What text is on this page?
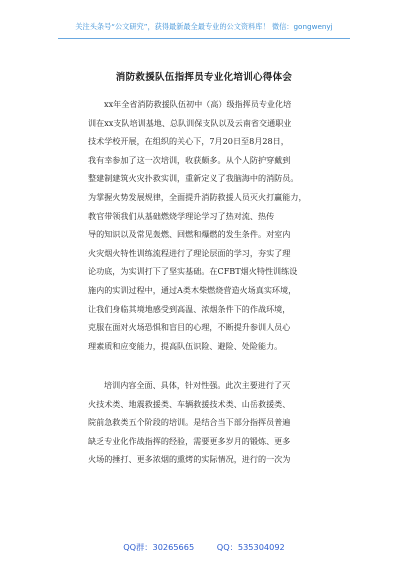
关注头条号“公文研究”，获得最新最全最专业的公文资料库！ 微信：gongwenyj
消防救援队伍指挥员专业化培训心得体会

xx年全省消防救援队伍初中（高）级指挥员专业化培
训在xx支队培训基地、总队训保支队以及云南省交通职业
技术学校开展，在组织的关心下，7月20日至8月28日，
我有幸参加了这一次培训，收获颇多。从个人防护穿戴到
整建制建筑火灾扑救实训，重新定义了我脑海中的消防员。
为掌握火势发展规律，全面提升消防救援人员灭火打赢能力，
教官带领我们从基础燃烧学理论学习了热对流、热传
导的知识以及常见轰燃、回燃和爆燃的发生条件。对室内
火灾烟火特性训练流程进行了理论层面的学习，夯实了理
论功底，为实训打下了坚实基础。在CFBT烟火特性训练设
施内的实训过程中，通过A类木柴燃烧营造火场真实环境，
让我们身临其境地感受到高温、浓烟条件下的作战环境，
克服在面对火场恐惧和盲目的心理，不断提升参训人员心
理素质和应变能力，提高队伍识险、避险、处险能力。

培训内容全面、具体，针对性强。此次主要进行了灭
火技术类、地震救援类、车辆救援技术类、山岳救援类、
院前急救类五个阶段的培训。是结合当下部分指挥员普遍
缺乏专业化作战指挥的经验，需要更多岁月的锻炼、更多
火场的捶打、更多浓烟的熏烤的实际情况，进行的一次为

QQ群：30265665	QQ：535304092
